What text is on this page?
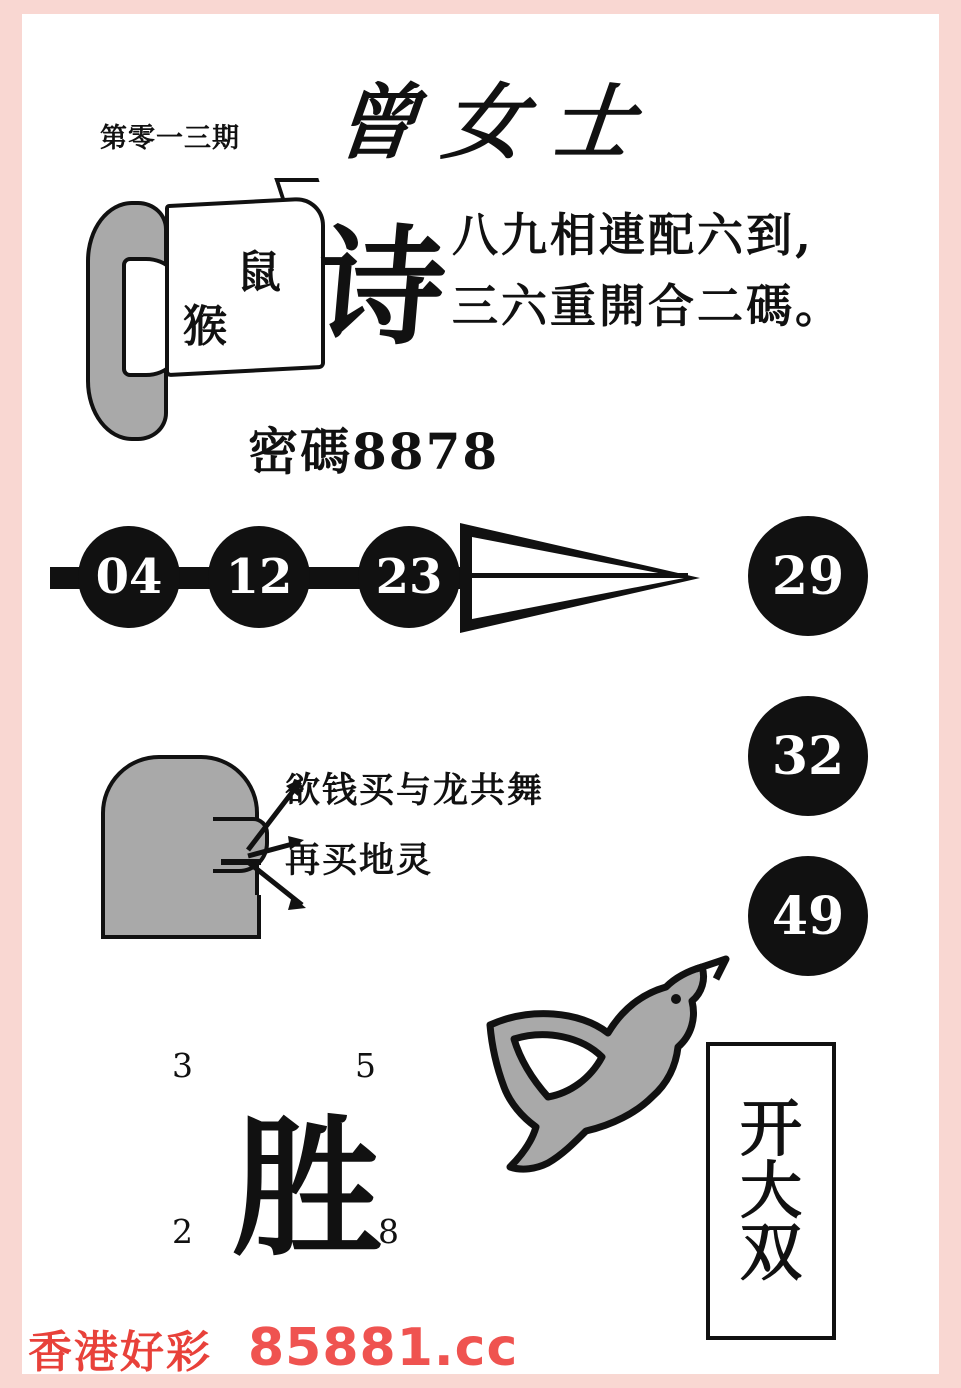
第零一三期 曾女士
鼠
猴 诗 八九相連配六到,
三六重開合二碼。
密碼8878
04	12	23	29
32
49
欲钱买与龙共舞
再买地灵
3	5
胜
2	8
开
大
双
香港好彩 85881.cc
